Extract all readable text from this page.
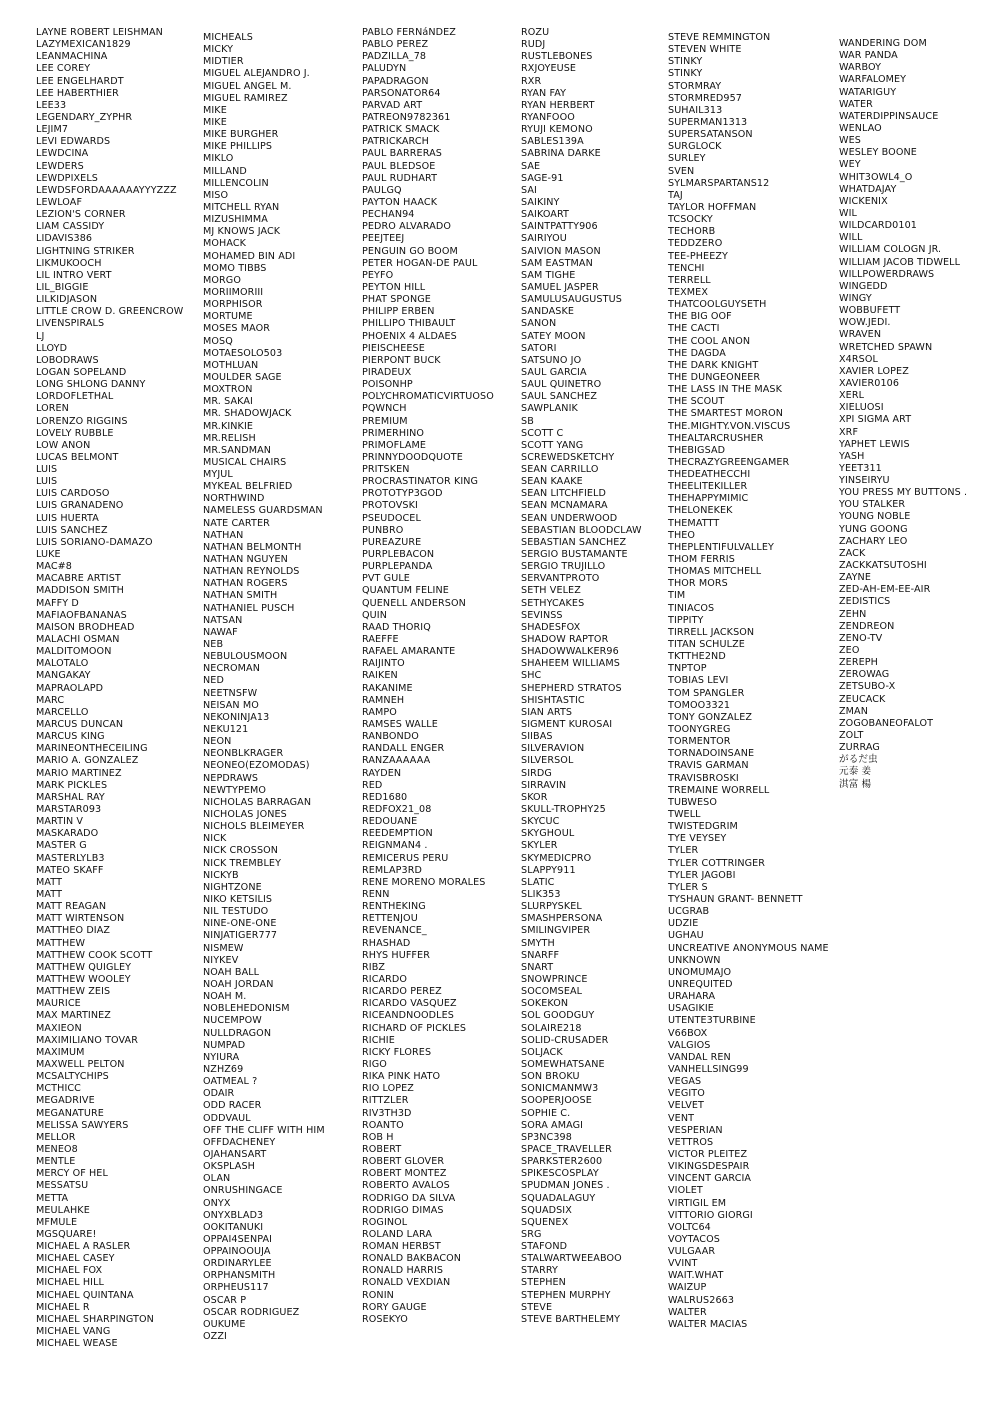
LAYNE ROBERT LEISHMAN
LAZYMEXICAN1829
LEANMACHINA
LEE COREY
LEE ENGELHARDT
LEE HABERTHIER
LEE33
LEGENDARY_ZYPHR
LEJIM7
LEVI EDWARDS
LEWDCINA
LEWDERS
LEWDPIXELS
LEWDSFORDAAAAAAYYYZZZ
LEWLOAF
LEZION'S CORNER
LIAM CASSIDY
LIDAVIS386
LIGHTNING STRIKER
LIKMUKOOCH
LIL INTRO VERT
LIL_BIGGIE
LILKIDJASON
LITTLE CROW D. GREENCROW
LIVENSPIRALS
LJ
LLOYD
LOBODRAWS
LOGAN SOPELAND
LONG SHLONG DANNY
LORDOFLETHAL
LOREN
LORENZO RIGGINS
LOVELY RUBBLE
LOW ANON
LUCAS BELMONT
LUIS
LUIS
LUIS CARDOSO
LUIS GRANADENO
LUIS HUERTA
LUIS SANCHEZ
LUIS SORIANO-DAMAZO
LUKE
MAC#8
MACABRE ARTIST
MADDISON SMITH
MAFFY D
MAFIAOFBANANAS
MAISON BRODHEAD
MALACHI OSMAN
MALDITOMOON
MALOTALO
MANGAKAY
MAPRAOLAPD
MARC
MARCELLO
MARCUS DUNCAN
MARCUS KING
MARINEONTHECEILING
MARIO A. GONZALEZ
MARIO MARTINEZ
MARK PICKLES
MARSHAL RAY
MARSTAR093
MARTIN V
MASKARADO
MASTER G
MASTERLYLB3
MATEO SKAFF
MATT
MATT
MATT REAGAN
MATT WIRTENSON
MATTHEO DIAZ
MATTHEW
MATTHEW COOK SCOTT
MATTHEW QUIGLEY
MATTHEW WOOLEY
MATTHEW ZEIS
MAURICE
MAX MARTINEZ
MAXIEON
MAXIMILIANO TOVAR
MAXIMUM
MAXWELL PELTON
MCSALTYCHIPS
MCTHICC
MEGADRIVE
MEGANATURE
MELISSA SAWYERS
MELLOR
MENEO8
MENTLE
MERCY OF HEL
MESSATSU
METTA
MEULAHKE
MFMULE
MGSQUARE!
MICHAEL A RASLER
MICHAEL CASEY
MICHAEL FOX
MICHAEL HILL
MICHAEL QUINTANA
MICHAEL R
MICHAEL SHARPINGTON
MICHAEL VANG
MICHAEL WEASE
MICHEALS
MICKY
MIDTIER
MIGUEL ALEJANDRO J.
MIGUEL ANGEL M.
MIGUEL RAMIREZ
MIKE
MIKE
MIKE BURGHER
MIKE PHILLIPS
MIKLO
MILLAND
MILLENCOLIN
MISO
MITCHELL RYAN
MIZUSHIMMA
MJ KNOWS JACK
MOHACK
MOHAMED BIN ADI
MOMO TIBBS
MORGO
MORIIMORIII
MORPHISOR
MORTUME
MOSES MAOR
MOSQ
MOTAESOLO503
MOTHLUAN
MOULDER SAGE
MOXTRON
MR. SAKAI
MR. SHADOWJACK
MR.KINKIE
MR.RELISH
MR.SANDMAN
MUSICAL CHAIRS
MYJUL
MYKEAL BELFRIED
NORTHWIND
NAMELESS GUARDSMAN
NATE CARTER
NATHAN
NATHAN BELMONTH
NATHAN NGUYEN
NATHAN REYNOLDS
NATHAN ROGERS
NATHAN SMITH
NATHANIEL PUSCH
NATSAN
NAWAF
NEB
NEBULOUSMOON
NECROMAN
NED
NEETNSFW
NEISAN MO
NEKONINJA13
NEKU121
NEON
NEONBLKRAGER
NEONEO(EZOMODAS)
NEPDRAWS
NEWTYPEMO
NICHOLAS BARRAGAN
NICHOLAS JONES
NICHOLS BLEIMEYER
NICK
NICK CROSSON
NICK TREMBLEY
NICKYB
NIGHTZONE
NIKO KETSILIS
NIL TESTUDO
NINE-ONE-ONE
NINJATIGER777
NISMEW
NIYKEV
NOAH BALL
NOAH JORDAN
NOAH M.
NOBLEHEDONISM
NUCEMPOW
NULLDRAGON
NUMPAD
NYIURA
NZHZ69
OATMEAL ?
ODAIR
ODD RACER
ODDVAUL
OFF THE CLIFF WITH HIM
OFFDACHENEY
OJAHANSART
OKSPLASH
OLAN
ONRUSHINGACE
ONYX
ONYXBLAD3
OOKITANUKI
OPPAI4SENPAI
OPPAINOOUJA
ORDINARYLEE
ORPHANSMITH
ORPHEUS117
OSCAR P
OSCAR RODRIGUEZ
OUKUME
OZZI
PABLO FERNáNDEZ
PABLO PEREZ
PADZILLA_78
PALUDYN
PAPADRAGON
PARSONATOR64
PARVAD ART
PATREON9782361
PATRICK SMACK
PATRICKARCH
PAUL BARRERAS
PAUL BLEDSOE
PAUL RUDHART
PAULGQ
PAYTON HAACK
PECHAN94
PEDRO ALVARADO
PEEJTEEJ
PENGUIN GO BOOM
PETER HOGAN-DE PAUL
PEYFO
PEYTON HILL
PHAT SPONGE
PHILIPP ERBEN
PHILLIPO THIBAULT
PHOENIX 4 ALDAES
PIEISCHEESE
PIERPONT BUCK
PIRADEUX
POISONHP
POLYCHROMATICVIRTUOSO
PQWNCH
PREMIUM
PRIMERHINO
PRIMOFLAME
PRINNYDOODQUOTE
PRITSKEN
PROCRASTINATOR KING
PROTOTYP3GOD
PROTOVSKI
PSEUDOCEL
PUNBRO
PUREAZURE
PURPLEBACON
PURPLEPANDA
PVT GULE
QUANTUM FELINE
QUENELL ANDERSON
QUIN
RAAD THORIQ
RAEFFE
RAFAEL AMARANTE
RAIJINTO
RAIKEN
RAKANIME
RAMNEH
RAMPO
RAMSES WALLE
RANBONDO
RANDALL ENGER
RANZAAAAAA
RAYDEN
RED
RED1680
REDFOX21_08
REDOUANE
REEDEMPTION
REIGNMAN4 .
REMICERUS PERU
REMLAP3RD
RENE MORENO MORALES
RENN
RENTHEKING
RETTENJOU
REVENANCE_
RHASHAD
RHYS HUFFER
RIBZ
RICARDO
RICARDO PEREZ
RICARDO VASQUEZ
RICEANDNOODLES
RICHARD OF PICKLES
RICHIE
RICKY FLORES
RIGO
RIKA PINK HATO
RIO LOPEZ
RITTZLER
RIV3TH3D
ROANTO
ROB H
ROBERT
ROBERT GLOVER
ROBERT MONTEZ
ROBERTO AVALOS
RODRIGO DA SILVA
RODRIGO DIMAS
ROGINOL
ROLAND LARA
ROMAN HERBST
RONALD BAKBACON
RONALD HARRIS
RONALD VEXDIAN
RONIN
RORY GAUGE
ROSEKYO
ROZU
RUDJ
RUSTLEBONES
RXJOYEUSE
RXR
RYAN FAY
RYAN HERBERT
RYANFOOO
RYUJI KEMONO
SABLES139A
SABRINA DARKE
SAE
SAGE-91
SAI
SAIKINY
SAIKOART
SAINTPATTY906
SAIRIYOU
SAIVION MASON
SAM EASTMAN
SAM TIGHE
SAMUEL JASPER
SAMULUSAUGUSTUS
SANDASKE
SANON
SATEY MOON
SATORI
SATSUNO JO
SAUL GARCIA
SAUL QUINETRO
SAUL SANCHEZ
SAWPLANIK
SB
SCOTT C
SCOTT YANG
SCREWEDSKETCHY
SEAN CARRILLO
SEAN KAAKE
SEAN LITCHFIELD
SEAN MCNAMARA
SEAN UNDERWOOD
SEBASTIAN BLOODCLAW
SEBASTIAN SANCHEZ
SERGIO BUSTAMANTE
SERGIO TRUJILLO
SERVANTPROTO
SETH VELEZ
SETHYCAKES
SEVINSS
SHADESFOX
SHADOW RAPTOR
SHADOWWALKER96
SHAHEEM WILLIAMS
SHC
SHEPHERD STRATOS
SHISHTASTIC
SIAN ARTS
SIGMENT KUROSAI
SIIBAS
SILVERAVION
SILVERSOL
SIRDG
SIRRAVIN
SKOR
SKULL-TROPHY25
SKYCUC
SKYGHOUL
SKYLER
SKYMEDICPRO
SLAPPY911
SLATIC
SLIK353
SLURPYSKEL
SMASHPERSONA
SMILINGVIPER
SMYTH
SNARFF
SNART
SNOWPRINCE
SOCOMSEAL
SOKEKON
SOL GOODGUY
SOLAIRE218
SOLID-CRUSADER
SOLJACK
SOMEWHATSANE
SON BROKU
SONICMANMW3
SOOPERJOOSE
SOPHIE C.
SORA AMAGI
SP3NC398
SPACE_TRAVELLER
SPARKSTER2600
SPIKESCOSPLAY
SPUDMAN JONES .
SQUADALAGUY
SQUADSIX
SQUENEX
SRG
STAFOND
STALWARTWEEABOO
STARRY
STEPHEN
STEPHEN MURPHY
STEVE
STEVE BARTHELEMY
STEVE REMMINGTON
STEVEN WHITE
STINKY
STINKY
STORMRAY
STORMRED957
SUHAIL313
SUPERMAN1313
SUPERSATANSON
SURGLOCK
SURLEY
SVEN
SYLMARSPARTANS12
TAJ
TAYLOR HOFFMAN
TCSOCKY
TECHORB
TEDDZERO
TEE-PHEEZY
TENCHI
TERRELL
TEXMEX
THATCOOLGUYSETH
THE BIG OOF
THE CACTI
THE COOL ANON
THE DAGDA
THE DARK KNIGHT
THE DUNGEONEER
THE LASS IN THE MASK
THE SCOUT
THE SMARTEST MORON
THE.MIGHTY.VON.VISCUS
THEALTARCRUSHER
THEBIGSAD
THECRAZYGREENGAMER
THEDEATHECCHI
THEELITEKILLER
THEHAPPYMIMIC
THELONEKEK
THEMATTT
THEO
THEPLENTIFULVALLEY
THOM FERRIS
THOMAS MITCHELL
THOR MORS
TIM
TINIACOS
TIPPITY
TIRRELL JACKSON
TITAN SCHULZE
TKTTHE2ND
TNPTOP
TOBIAS LEVI
TOM SPANGLER
TOMOO3321
TONY GONZALEZ
TOONYGREG
TORMENTOR
TORNADOINSANE
TRAVIS GARMAN
TRAVISBROSKI
TREMAINE WORRELL
TUBWESO
TWELL
TWISTEDGRIM
TYE VEYSEY
TYLER
TYLER COTTRINGER
TYLER JAGOBI
TYLER S
TYSHAUN GRANT- BENNETT
UCGRAB
UDZIE
UGHAU
UNCREATIVE ANONYMOUS NAME
UNKNOWN
UNOMUMAJO
UNREQUITED
URAHARA
USAGIKIE
UTENTE3TURBINE
V66BOX
VALGIOS
VANDAL REN
VANHELLSING99
VEGAS
VEGITO
VELVET
VENT
VESPERIAN
VETTROS
VICTOR PLEITEZ
VIKINGSDESPAIR
VINCENT GARCIA
VIOLET
VIRTIGIL EM
VITTORIO GIORGI
VOLTC64
VOYTACOS
VULGAAR
VVINT
WAIT.WHAT
WAIZUP
WALRUS2663
WALTER
WALTER MACIAS
WANDERING DOM
WAR PANDA
WARBOY
WARFALOMEY
WATARIGUY
WATER
WATERDIPPINSAUCE
WENLAO
WES
WESLEY BOONE
WEY
WHIT3OWL4_O
WHATDAJAY
WICKENIX
WIL
WILDCARD0101
WILL
WILLIAM COLOGN JR.
WILLIAM JACOB TIDWELL
WILLPOWERDRAWS
WINGEDD
WINGY
WOBBUFETT
WOW.JEDI.
WRAVEN
WRETCHED SPAWN
X4RSOL
XAVIER LOPEZ
XAVIER0106
XERL
XIELUOSI
XPI SIGMA ART
XRF
YAPHET LEWIS
YASH
YEET311
YINSEIRYU
YOU PRESS MY BUTTONS .
YOU STALKER
YOUNG NOBLE
YUNG GOONG
ZACHARY LEO
ZACK
ZACKKATSUTOSHI
ZAYNE
ZED-AH-EM-EE-AIR
ZEDISTICS
ZEHN
ZENDREON
ZENO-TV
ZEO
ZEREPH
ZEROWAG
ZETSUBO-X
ZEUCACK
ZMAN
ZOGOBANEOFALOT
ZOLT
ZURRAG
がるだ虫
元泰 姜
淇富 楊
